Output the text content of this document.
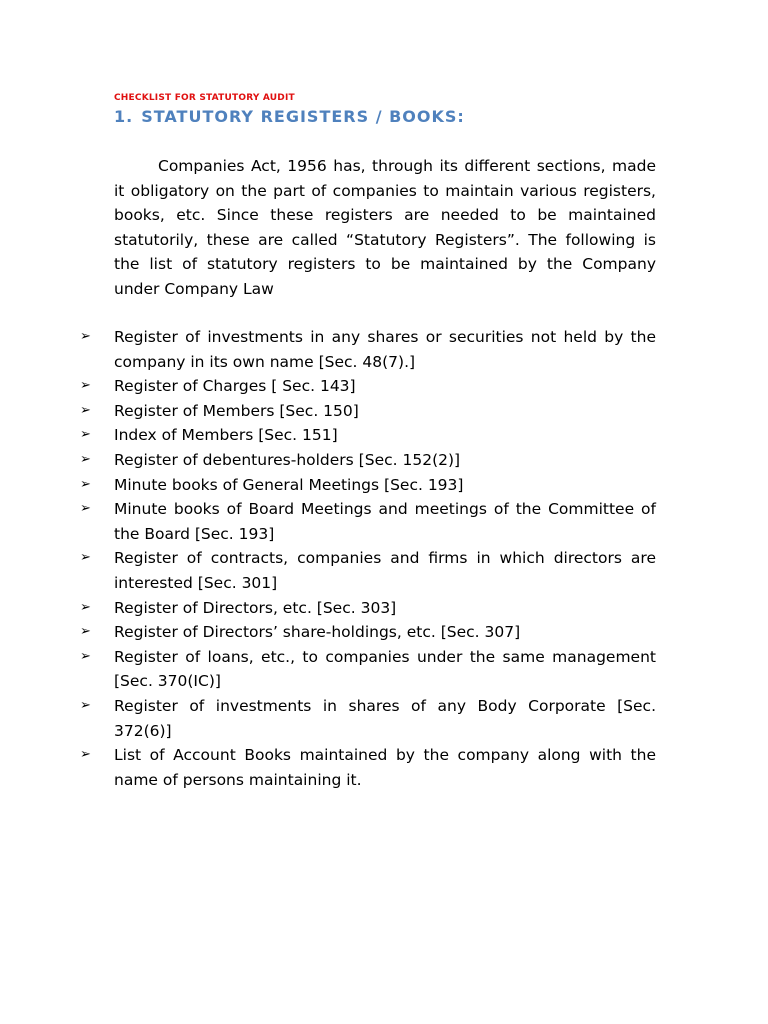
CHECKLIST FOR STATUTORY AUDIT
1. STATUTORY REGISTERS / BOOKS:

Companies Act, 1956 has, through its different sections, made it obligatory on the part of companies to maintain various registers, books, etc. Since these registers are needed to be maintained statutorily, these are called “Statutory Registers”. The following is the list of statutory registers to be maintained by the Company under Company Law

➢	Register of investments in any shares or securities not held by the company in its own name [Sec. 48(7).]
➢	Register of Charges [ Sec. 143]
➢	Register of Members [Sec. 150]
➢	Index of Members [Sec. 151]
➢	Register of debentures-holders [Sec. 152(2)]
➢	Minute books of General Meetings [Sec. 193]
➢	Minute books of Board Meetings and meetings of the Committee of the Board [Sec. 193]
➢	Register of contracts, companies and firms in which directors are interested [Sec. 301]
➢	Register of Directors, etc. [Sec. 303]
➢	Register of Directors’ share-holdings, etc. [Sec. 307]
➢	Register of loans, etc., to companies under the same management [Sec. 370(IC)]
➢	Register of investments in shares of any Body Corporate [Sec. 372(6)]
➢	List of Account Books maintained by the company along with the name of persons maintaining it.
